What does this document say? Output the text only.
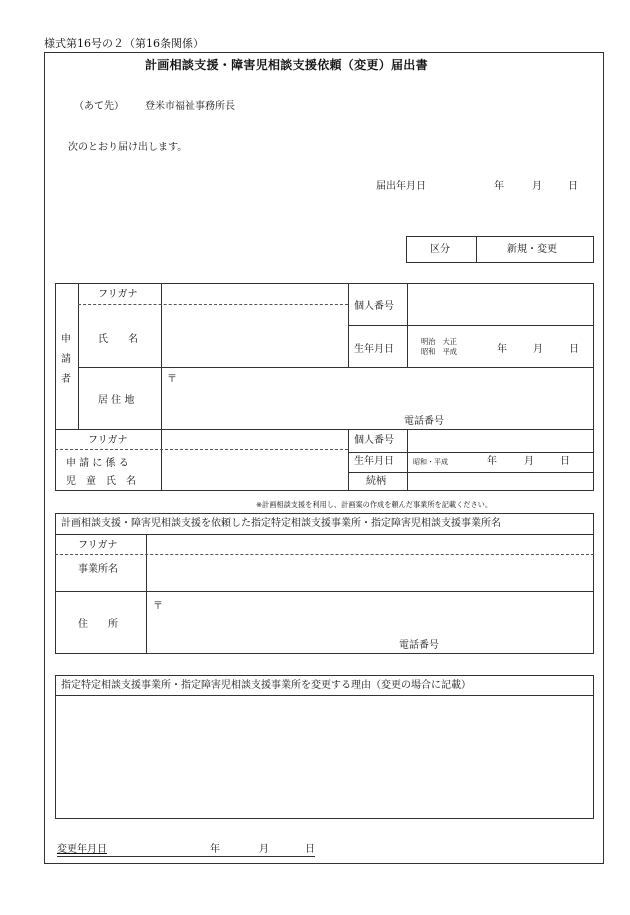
様式第16号の２（第16条関係）
計画相談支援・障害児相談支援依頼（変更）届出書
（あて先） 登米市福祉事務所長
次のとおり届け出します。
届出年月日	年	月	日
区分	新規・変更
申
請
者
フリガナ
氏　　名
居 住 地
〒
個人番号
生年月日
明治　大正
昭和　平成	年	月	日
電話番号
フリガナ
申 請 に 係 る
児　童　氏　名
個人番号
生年月日	昭和・平成	年	月	日
続柄
※計画相談支援を利用し、計画案の作成を頼んだ事業所を記載ください。
計画相談支援・障害児相談支援を依頼した指定特定相談支援事業所・指定障害児相談支援事業所名
フリガナ
事業所名
住　　所
〒
電話番号
指定特定相談支援事業所・指定障害児相談支援事業所を変更する理由（変更の場合に記載）
変更年月日	年	月	日
